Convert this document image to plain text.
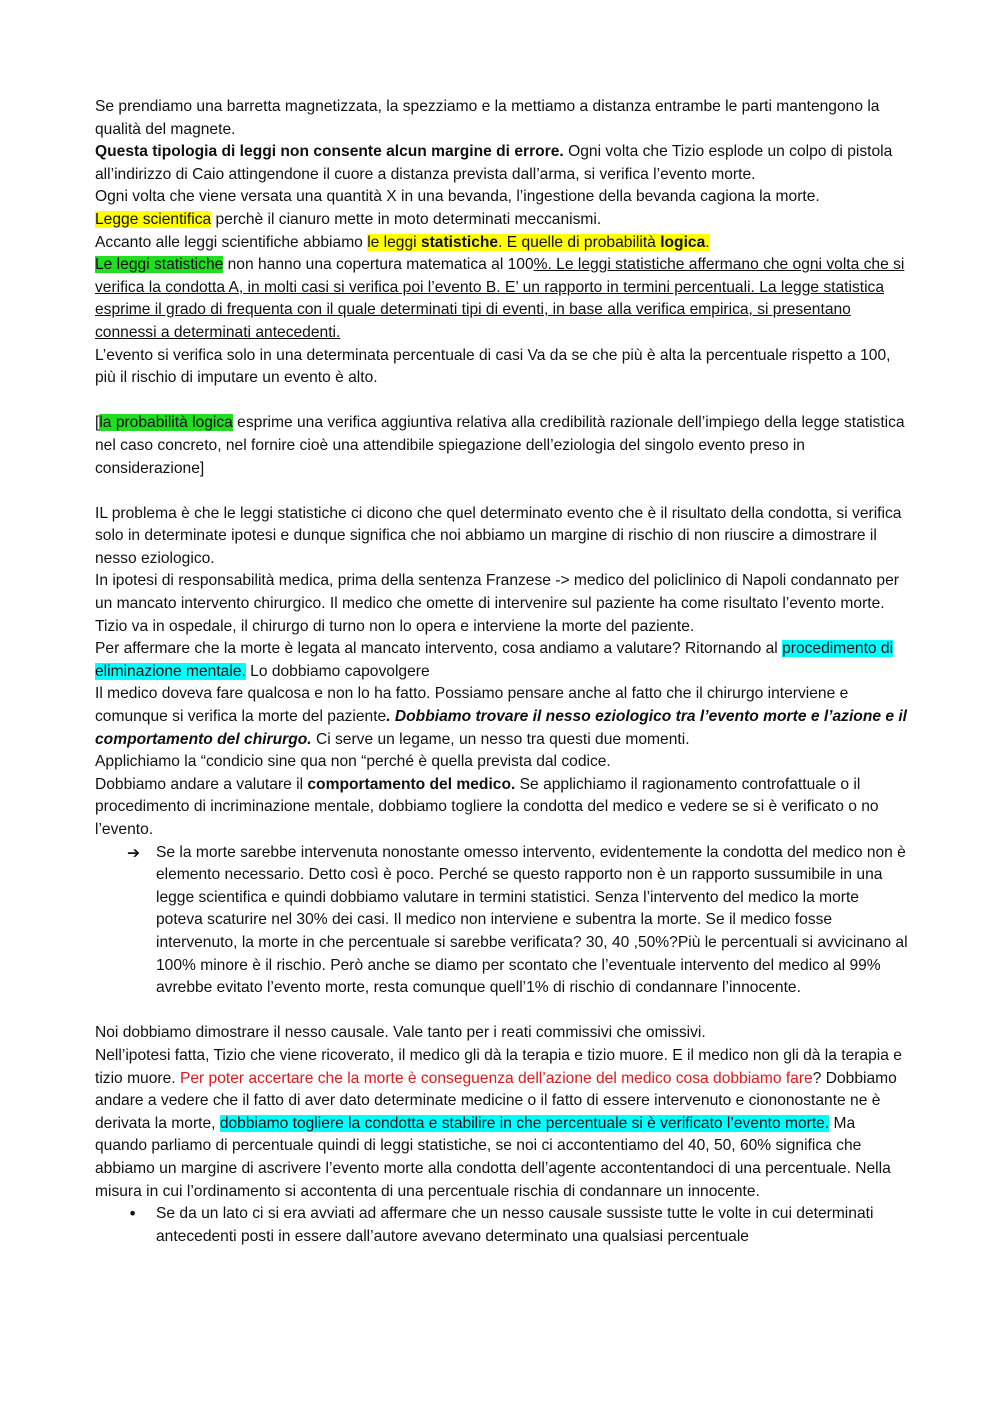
Se prendiamo una barretta magnetizzata, la spezziamo e la mettiamo a distanza entrambe le parti mantengono la qualità del magnete.

Questa tipologia di leggi non consente alcun margine di errore. Ogni volta che Tizio esplode un colpo di pistola all’indirizzo di Caio attingendone il cuore a distanza prevista dall’arma, si verifica l’evento morte.

Ogni volta che viene versata una quantità X in una bevanda, l’ingestione della bevanda cagiona la morte.

Legge scientifica perchè il cianuro mette in moto determinati meccanismi.

Accanto alle leggi scientifiche abbiamo le leggi statistiche. E quelle di probabilità logica.

Le leggi statistiche non hanno una copertura matematica al 100%. Le leggi statistiche affermano che ogni volta che si verifica la condotta A, in molti casi si verifica poi l’evento B. E’ un rapporto in termini percentuali. La legge statistica esprime il grado di frequenta con il quale determinati tipi di eventi, in base alla verifica empirica, si presentano connessi a determinati antecedenti.

L’evento si verifica solo in una determinata percentuale di casi Va da se che più è alta la percentuale rispetto a 100, più il rischio di imputare un evento è alto.

[la probabilità logica esprime una verifica aggiuntiva relativa alla credibilità razionale dell’impiego della legge statistica nel caso concreto, nel fornire cioè una attendibile spiegazione dell’eziologia del singolo evento preso in considerazione]

IL problema è che le leggi statistiche ci dicono che quel determinato evento che è il risultato della condotta, si verifica solo in determinate ipotesi e dunque significa che noi abbiamo un margine di rischio di non riuscire a dimostrare il nesso eziologico.

In ipotesi di responsabilità medica, prima della sentenza Franzese -> medico del policlinico di Napoli condannato per un mancato intervento chirurgico. Il medico che omette di intervenire sul paziente ha come risultato l’evento morte.

Tizio va in ospedale, il chirurgo di turno non lo opera e interviene la morte del paziente.

Per affermare che la morte è legata al mancato intervento, cosa andiamo a valutare? Ritornando al procedimento di eliminazione mentale. Lo dobbiamo capovolgere

Il medico doveva fare qualcosa e non lo ha fatto. Possiamo pensare anche al fatto che il chirurgo interviene e comunque si verifica la morte del paziente. Dobbiamo trovare il nesso eziologico tra l’evento morte e l’azione e il comportamento del chirurgo. Ci serve un legame, un nesso tra questi due momenti.

Applichiamo la “condicio sine qua non “perché è quella prevista dal codice.

Dobbiamo andare a valutare il comportamento del medico. Se applichiamo il ragionamento controfattuale o il procedimento di incriminazione mentale, dobbiamo togliere la condotta del medico e vedere se si è verificato o no l’evento.

➔ Se la morte sarebbe intervenuta nonostante omesso intervento, evidentemente la condotta del medico non è elemento necessario. Detto così è poco. Perché se questo rapporto non è un rapporto sussumibile in una legge scientifica e quindi dobbiamo valutare in termini statistici. Senza l’intervento del medico la morte poteva scaturire nel 30% dei casi. Il medico non interviene e subentra la morte. Se il medico fosse intervenuto, la morte in che percentuale si sarebbe verificata? 30, 40 ,50%?Più le percentuali si avvicinano al 100% minore è il rischio. Però anche se diamo per scontato che l’eventuale intervento del medico al 99% avrebbe evitato l’evento morte, resta comunque quell’1% di rischio di condannare l’innocente.

Noi dobbiamo dimostrare il nesso causale. Vale tanto per i reati commissivi che omissivi.

Nell’ipotesi fatta, Tizio che viene ricoverato, il medico gli dà la terapia e tizio muore. E il medico non gli dà la terapia e tizio muore. Per poter accertare che la morte è conseguenza dell’azione del medico cosa dobbiamo fare? Dobbiamo andare a vedere che il fatto di aver dato determinate medicine o il fatto di essere intervenuto e ciononostante ne è derivata la morte, dobbiamo togliere la condotta e stabilire in che percentuale si è verificato l’evento morte. Ma quando parliamo di percentuale quindi di leggi statistiche, se noi ci accontentiamo del 40, 50, 60% significa che abbiamo un margine di ascrivere l’evento morte alla condotta dell’agente accontentandoci di una percentuale. Nella misura in cui l’ordinamento si accontenta di una percentuale rischia di condannare un innocente.

• Se da un lato ci si era avviati ad affermare che un nesso causale sussiste tutte le volte in cui determinati antecedenti posti in essere dall’autore avevano determinato una qualsiasi percentuale
